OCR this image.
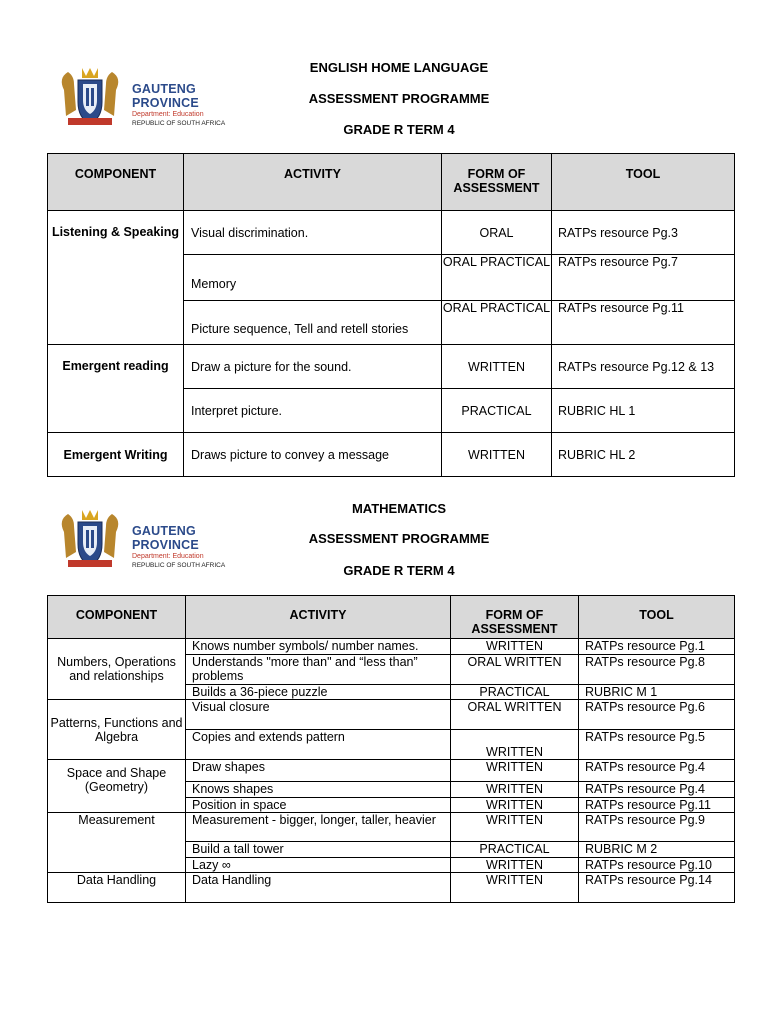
GAUTENG PROVINCE
Department: Education
REPUBLIC OF SOUTH AFRICA
ENGLISH HOME LANGUAGE
ASSESSMENT PROGRAMME
GRADE R TERM 4
COMPONENT	ACTIVITY	FORM OF ASSESSMENT	TOOL
Listening & Speaking	Visual discrimination.	ORAL	RATPs resource Pg.3
	Memory	ORAL PRACTICAL	RATPs resource Pg.7
	Picture sequence, Tell and retell stories	ORAL PRACTICAL	RATPs resource Pg.11
Emergent reading	Draw a picture for the sound.	WRITTEN	RATPs resource Pg.12 & 13
	Interpret picture.	PRACTICAL	RUBRIC HL 1
Emergent Writing	Draws picture to convey a message	WRITTEN	RUBRIC HL 2
GAUTENG PROVINCE
Department: Education
REPUBLIC OF SOUTH AFRICA
MATHEMATICS
ASSESSMENT PROGRAMME
GRADE R TERM 4
COMPONENT	ACTIVITY	FORM OF ASSESSMENT	TOOL
Numbers, Operations and relationships	Knows number symbols/ number names.	WRITTEN	RATPs resource Pg.1
	Understands "more than" and “less than” problems	ORAL WRITTEN	RATPs resource Pg.8
	Builds a 36-piece puzzle	PRACTICAL	RUBRIC M 1
Patterns, Functions and Algebra	Visual closure	ORAL WRITTEN	RATPs resource Pg.6
	Copies and extends pattern	WRITTEN	RATPs resource Pg.5
Space and Shape (Geometry)	Draw shapes	WRITTEN	RATPs resource Pg.4
	Knows shapes	WRITTEN	RATPs resource Pg.4
	Position in space	WRITTEN	RATPs resource Pg.11
Measurement	Measurement - bigger, longer, taller, heavier	WRITTEN	RATPs resource Pg.9
	Build a tall tower	PRACTICAL	RUBRIC M 2
	Lazy ∞	WRITTEN	RATPs resource Pg.10
Data Handling	Data Handling	WRITTEN	RATPs resource Pg.14
